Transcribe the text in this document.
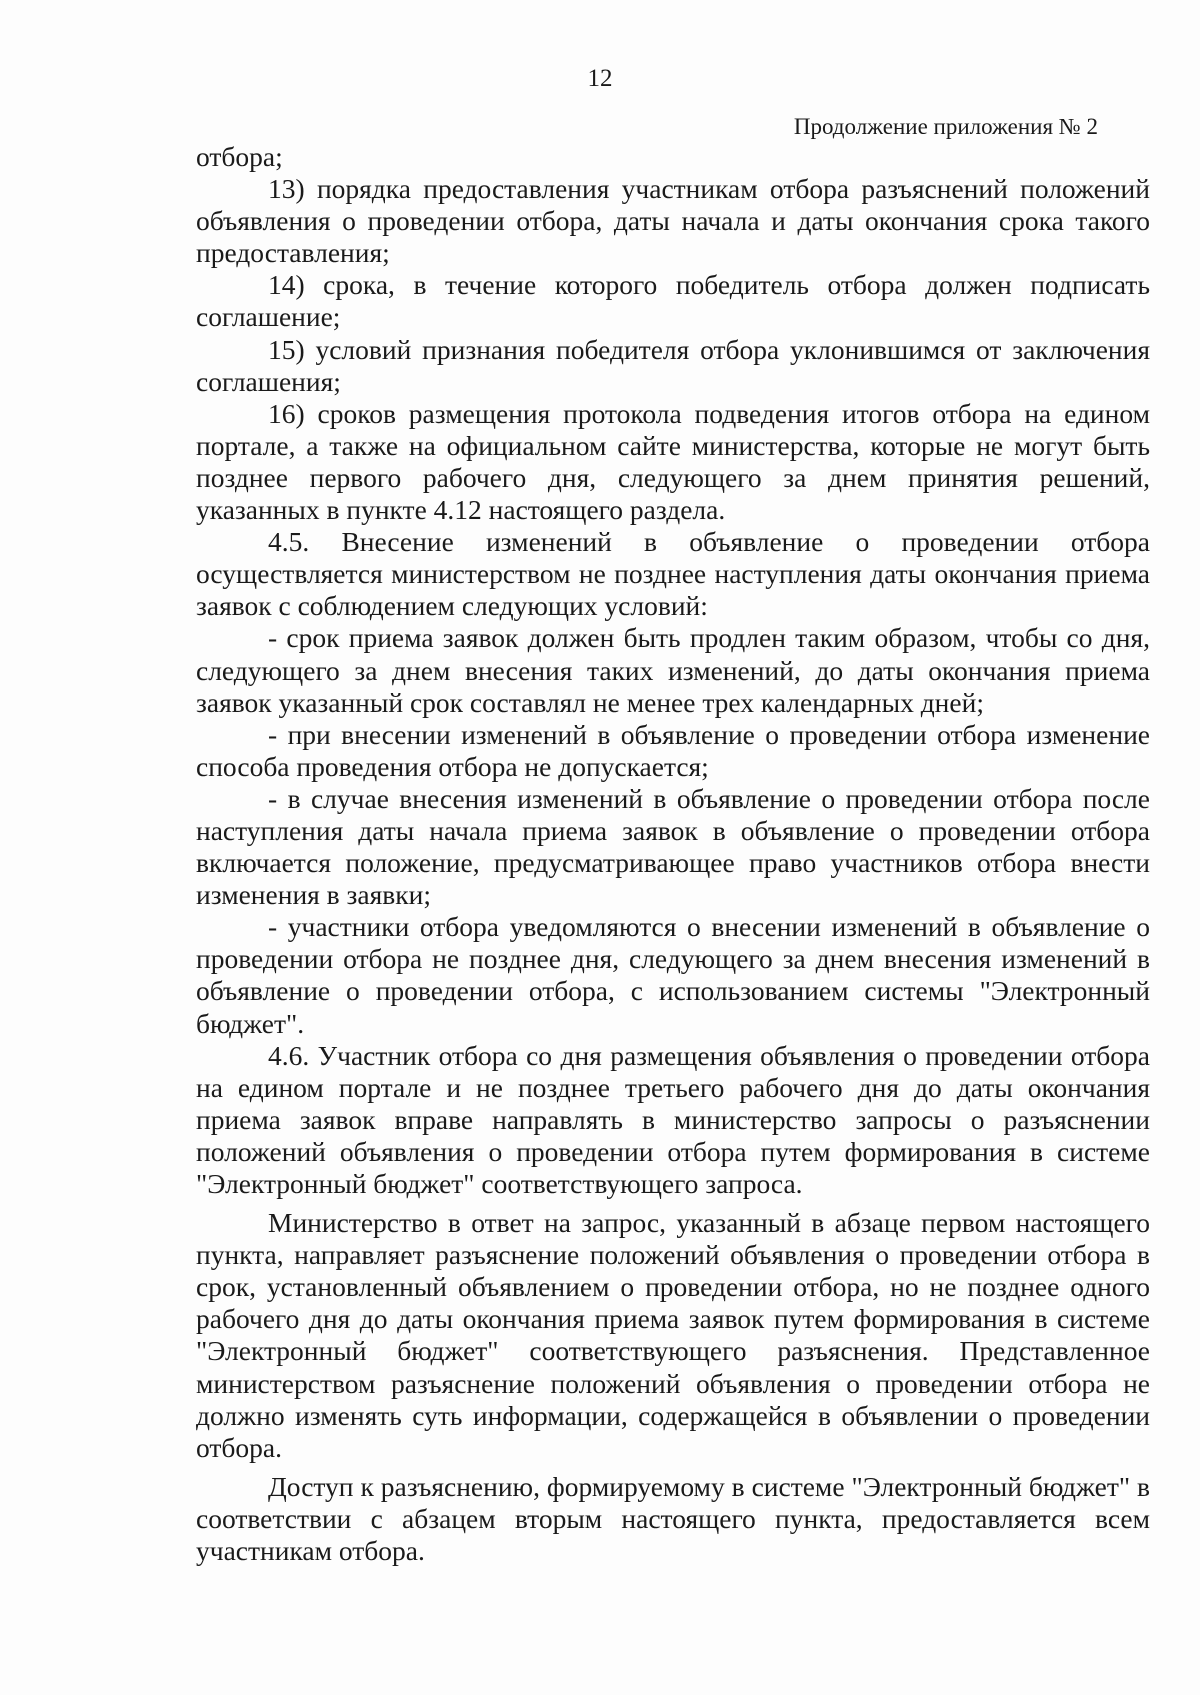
12
Продолжение приложения № 2

отбора;

13) порядка предоставления участникам отбора разъяснений положений объявления о проведении отбора, даты начала и даты окончания срока такого предоставления;

14) срока, в течение которого победитель отбора должен подписать соглашение;

15) условий признания победителя отбора уклонившимся от заключения соглашения;

16) сроков размещения протокола подведения итогов отбора на едином портале, а также на официальном сайте министерства, которые не могут быть позднее первого рабочего дня, следующего за днем принятия решений, указанных в пункте 4.12 настоящего раздела.

4.5. Внесение изменений в объявление о проведении отбора осуществляется министерством не позднее наступления даты окончания приема заявок с соблюдением следующих условий:

- срок приема заявок должен быть продлен таким образом, чтобы со дня, следующего за днем внесения таких изменений, до даты окончания приема заявок указанный срок составлял не менее трех календарных дней;

- при внесении изменений в объявление о проведении отбора изменение способа проведения отбора не допускается;

- в случае внесения изменений в объявление о проведении отбора после наступления даты начала приема заявок в объявление о проведении отбора включается положение, предусматривающее право участников отбора внести изменения в заявки;

- участники отбора уведомляются о внесении изменений в объявление о проведении отбора не позднее дня, следующего за днем внесения изменений в объявление о проведении отбора, с использованием системы "Электронный бюджет".

4.6. Участник отбора со дня размещения объявления о проведении отбора на едином портале и не позднее третьего рабочего дня до даты окончания приема заявок вправе направлять в министерство запросы о разъяснении положений объявления о проведении отбора путем формирования в системе "Электронный бюджет" соответствующего запроса.

Министерство в ответ на запрос, указанный в абзаце первом настоящего пункта, направляет разъяснение положений объявления о проведении отбора в срок, установленный объявлением о проведении отбора, но не позднее одного рабочего дня до даты окончания приема заявок путем формирования в системе "Электронный бюджет" соответствующего разъяснения. Представленное министерством разъяснение положений объявления о проведении отбора не должно изменять суть информации, содержащейся в объявлении о проведении отбора.

Доступ к разъяснению, формируемому в системе "Электронный бюджет" в соответствии с абзацем вторым настоящего пункта, предоставляется всем участникам отбора.
